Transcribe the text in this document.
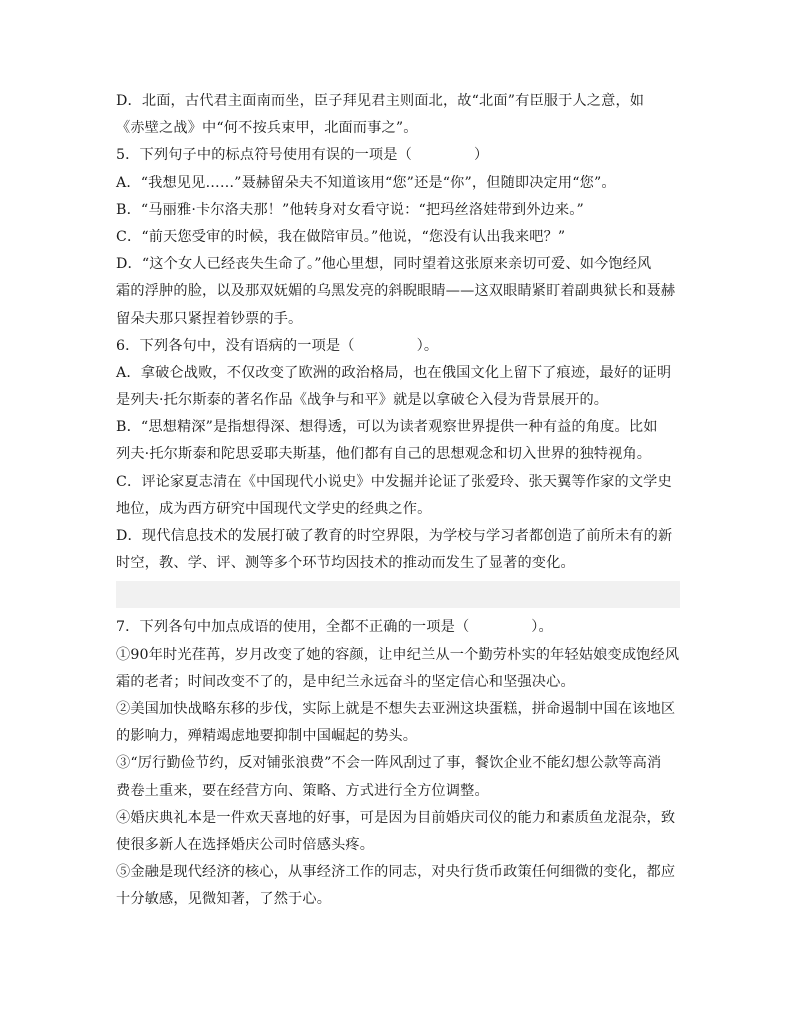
D．北面，古代君主面南而坐，臣子拜见君主则面北，故“北面”有臣服于人之意，如
《赤壁之战》中“何不按兵束甲，北面而事之”。
5．下列句子中的标点符号使用有误的一项是（	）
A．“我想见见……”聂赫留朵夫不知道该用“您”还是“你”，但随即决定用“您”。
B．“马丽雅·卡尔洛夫那！”他转身对女看守说：“把玛丝洛娃带到外边来。”
C．“前天您受审的时候，我在做陪审员。”他说，“您没有认出我来吧？”
D．“这个女人已经丧失生命了。”他心里想，同时望着这张原来亲切可爱、如今饱经风
霜的浮肿的脸，以及那双妩媚的乌黑发亮的斜睨眼睛——这双眼睛紧盯着副典狱长和聂赫
留朵夫那只紧捏着钞票的手。
6．下列各句中，没有语病的一项是（	）。
A．拿破仑战败，不仅改变了欧洲的政治格局，也在俄国文化上留下了痕迹，最好的证明
是列夫·托尔斯泰的著名作品《战争与和平》就是以拿破仑入侵为背景展开的。
B．“思想精深”是指想得深、想得透，可以为读者观察世界提供一种有益的角度。比如
列夫·托尔斯泰和陀思妥耶夫斯基，他们都有自己的思想观念和切入世界的独特视角。
C．评论家夏志清在《中国现代小说史》中发掘并论证了张爱玲、张天翼等作家的文学史
地位，成为西方研究中国现代文学史的经典之作。
D．现代信息技术的发展打破了教育的时空界限，为学校与学习者都创造了前所未有的新
时空，教、学、评、测等多个环节均因技术的推动而发生了显著的变化。
7．下列各句中加点成语的使用，全都不正确的一项是（	）。
①90年时光荏苒，岁月改变了她的容颜，让申纪兰从一个勤劳朴实的年轻姑娘变成饱经风
霜的老者；时间改变不了的，是申纪兰永远奋斗的坚定信心和坚强决心。
②美国加快战略东移的步伐，实际上就是不想失去亚洲这块蛋糕，拼命遏制中国在该地区
的影响力，殚精竭虑地要抑制中国崛起的势头。
③“厉行勤俭节约，反对铺张浪费”不会一阵风刮过了事，餐饮企业不能幻想公款等高消
费卷土重来，要在经营方向、策略、方式进行全方位调整。
④婚庆典礼本是一件欢天喜地的好事，可是因为目前婚庆司仪的能力和素质鱼龙混杂，致
使很多新人在选择婚庆公司时倍感头疼。
⑤金融是现代经济的核心，从事经济工作的同志，对央行货币政策任何细微的变化，都应
十分敏感，见微知著，了然于心。
